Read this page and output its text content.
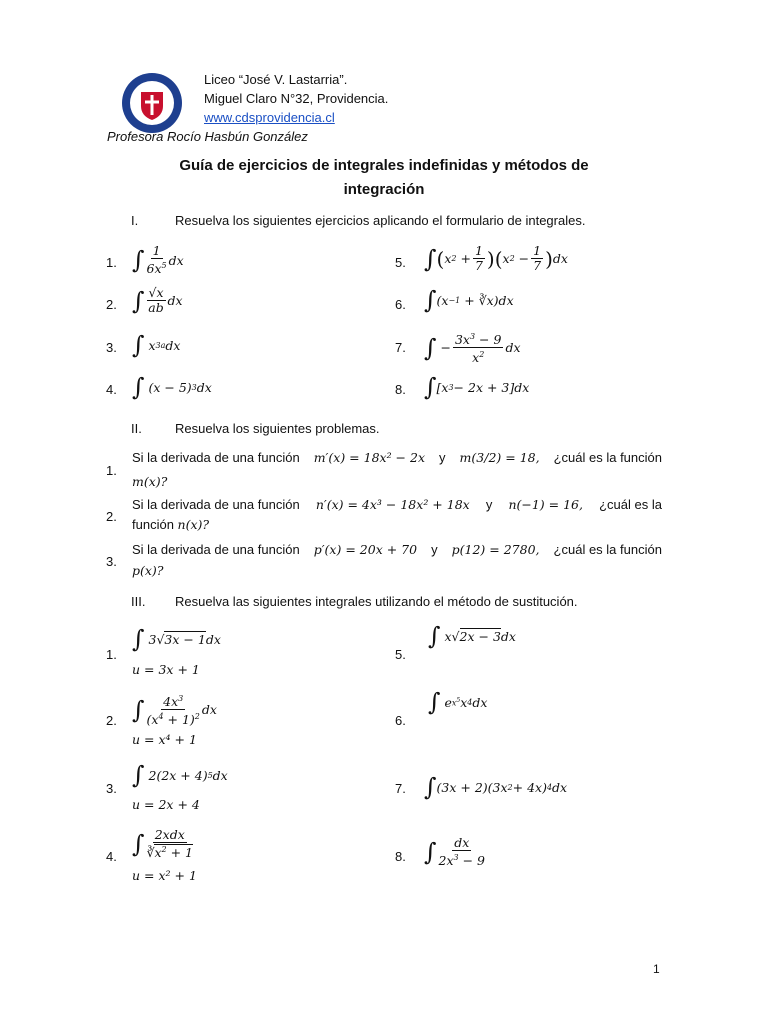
Liceo “José V. Lastarria”.
Miguel Claro N°32, Providencia.
www.cdsprovidencia.cl
Profesora Rocío Hasbún González
Guía de ejercicios de integrales indefinidas y métodos de
integración
I.	Resuelva los siguientes ejercicios aplicando el formulario de integrales.
1. ∫ $\frac{1}{6x^5}$ dx
2. ∫ $\frac{√x}{ab}$ dx
3. ∫ x 3a dx
4. ∫ (x − 5) 3 dx
5. ∫ ( x $2 + \frac{1}{7}$ )( x $2 - \frac{1}{7}$ ) dx
6. ∫ (x −1 + ∛x)dx
7. ∫ − $\frac{3x^3 - 9}{x^2}$ dx
8. ∫ [x 3 − 2x + 3]dx
II.	Resuelva los siguientes problemas.
1.
Si la derivada de una función m′(x) = 18x² − 2x y m(3/2) = 18, ¿cuál es la función
m(x)?
2.
Si la derivada de una función n′(x) = 4x³ − 18x² + 18x y n(−1) = 16, ¿cuál es la
función n(x)?
3.
Si la derivada de una función p′(x) = 20x + 70 y p(12) = 2780, ¿cuál es la función
p(x)?
III. Resuelva las siguientes integrales utilizando el método de sustitución.
1.
∫ 3√ 3x − 1 dx
u = 3x + 1
2. ∫ $\frac{4x^3}{(x^4 + 1)^2}$ dx
u = x⁴ + 1
3. ∫ 2(2x + 4) 5 dx
u = 2x + 4
4. ∫ $\frac{\text{2xdx}}{∛x^2 + 1}$
u = x² + 1
5.
∫ x√ 2x − 3 dx
6.
∫ e $x^5$ x 4 dx
7. ∫ (3x + 2)(3x 2 + 4x) 4 dx
8. ∫ $\frac{dx}{2x^3 - 9}$
1
